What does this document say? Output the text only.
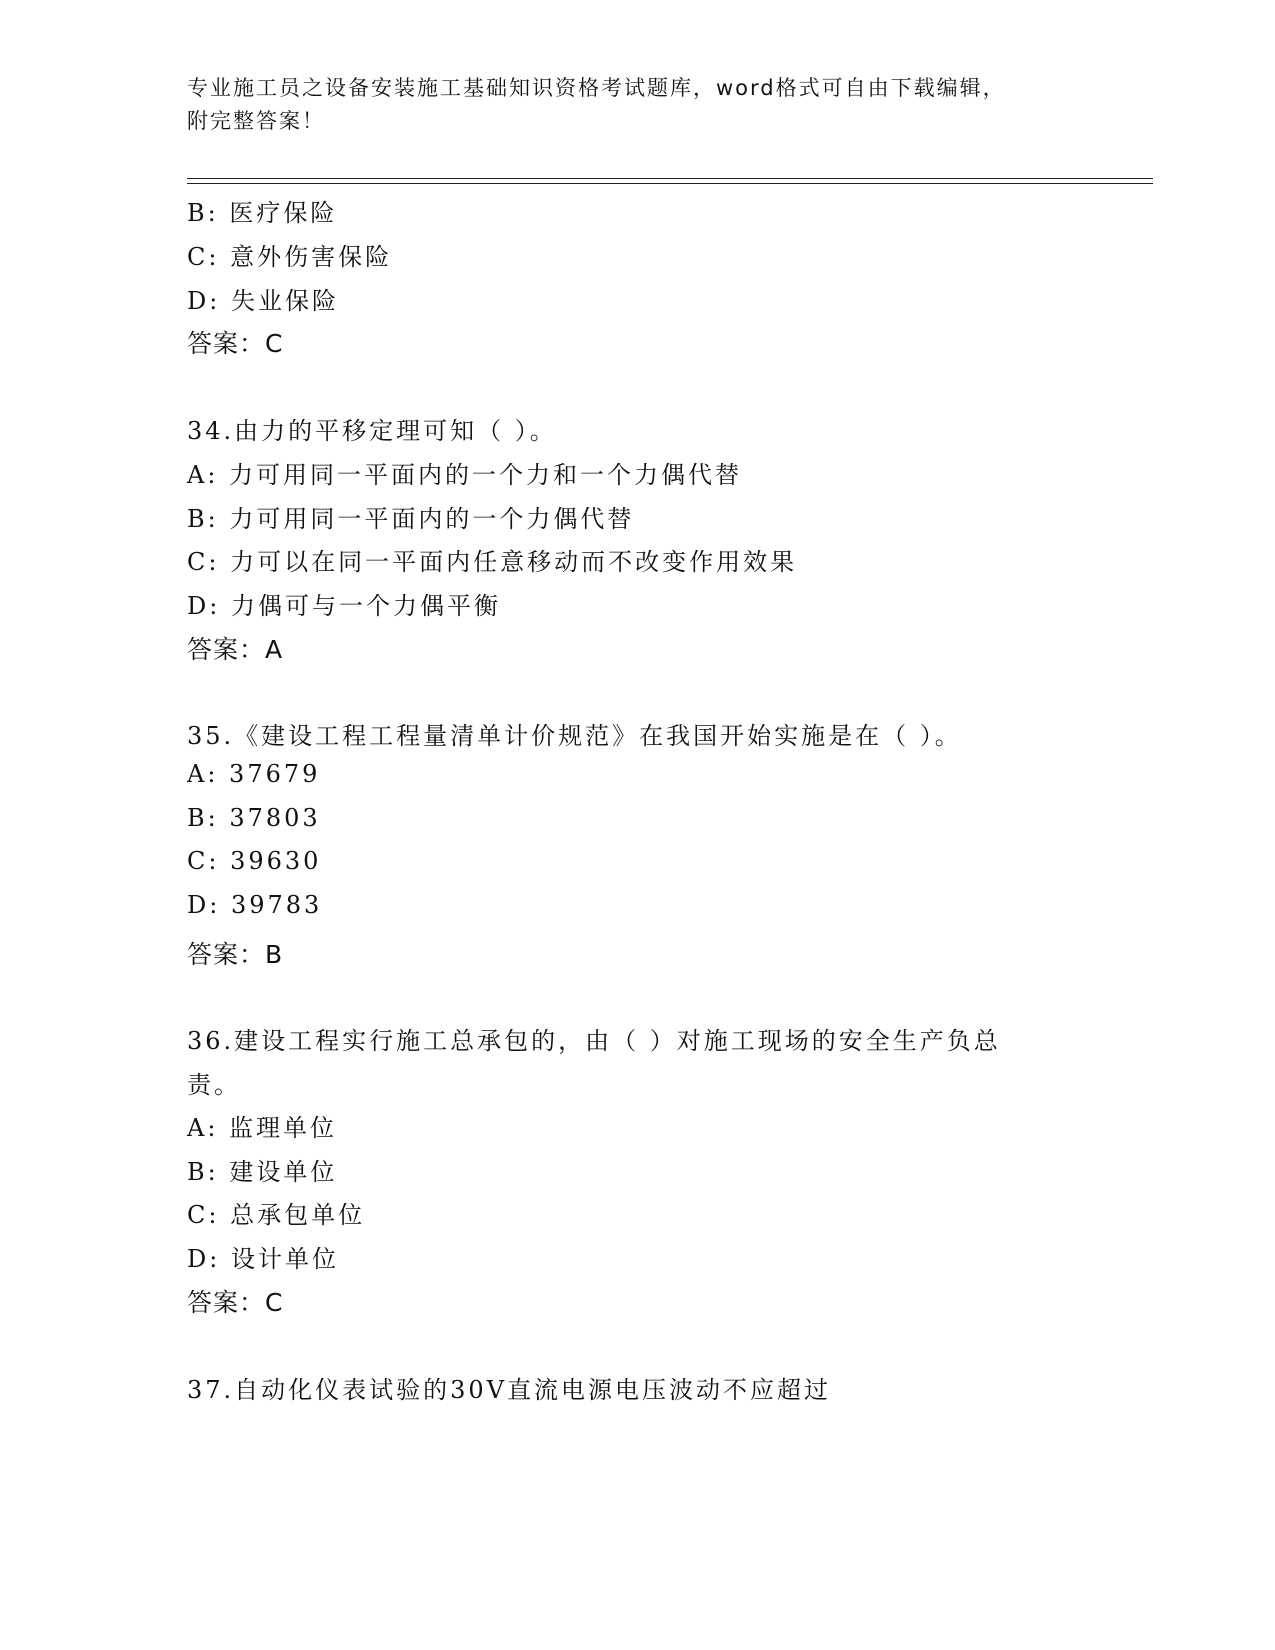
专业施工员之设备安装施工基础知识资格考试题库，word格式可自由下载编辑，
附完整答案！
B: 医疗保险
C: 意外伤害保险
D: 失业保险
答案：C
34.由力的平移定理可知（ ）。
A: 力可用同一平面内的一个力和一个力偶代替
B: 力可用同一平面内的一个力偶代替
C: 力可以在同一平面内任意移动而不改变作用效果
D: 力偶可与一个力偶平衡
答案：A
35.《建设工程工程量清单计价规范》在我国开始实施是在（ ）。
A: 37679
B: 37803
C: 39630
D: 39783
答案：B
36.建设工程实行施工总承包的，由（ ）对施工现场的安全生产负总
责。
A: 监理单位
B: 建设单位
C: 总承包单位
D: 设计单位
答案：C
37.自动化仪表试验的30V直流电源电压波动不应超过
